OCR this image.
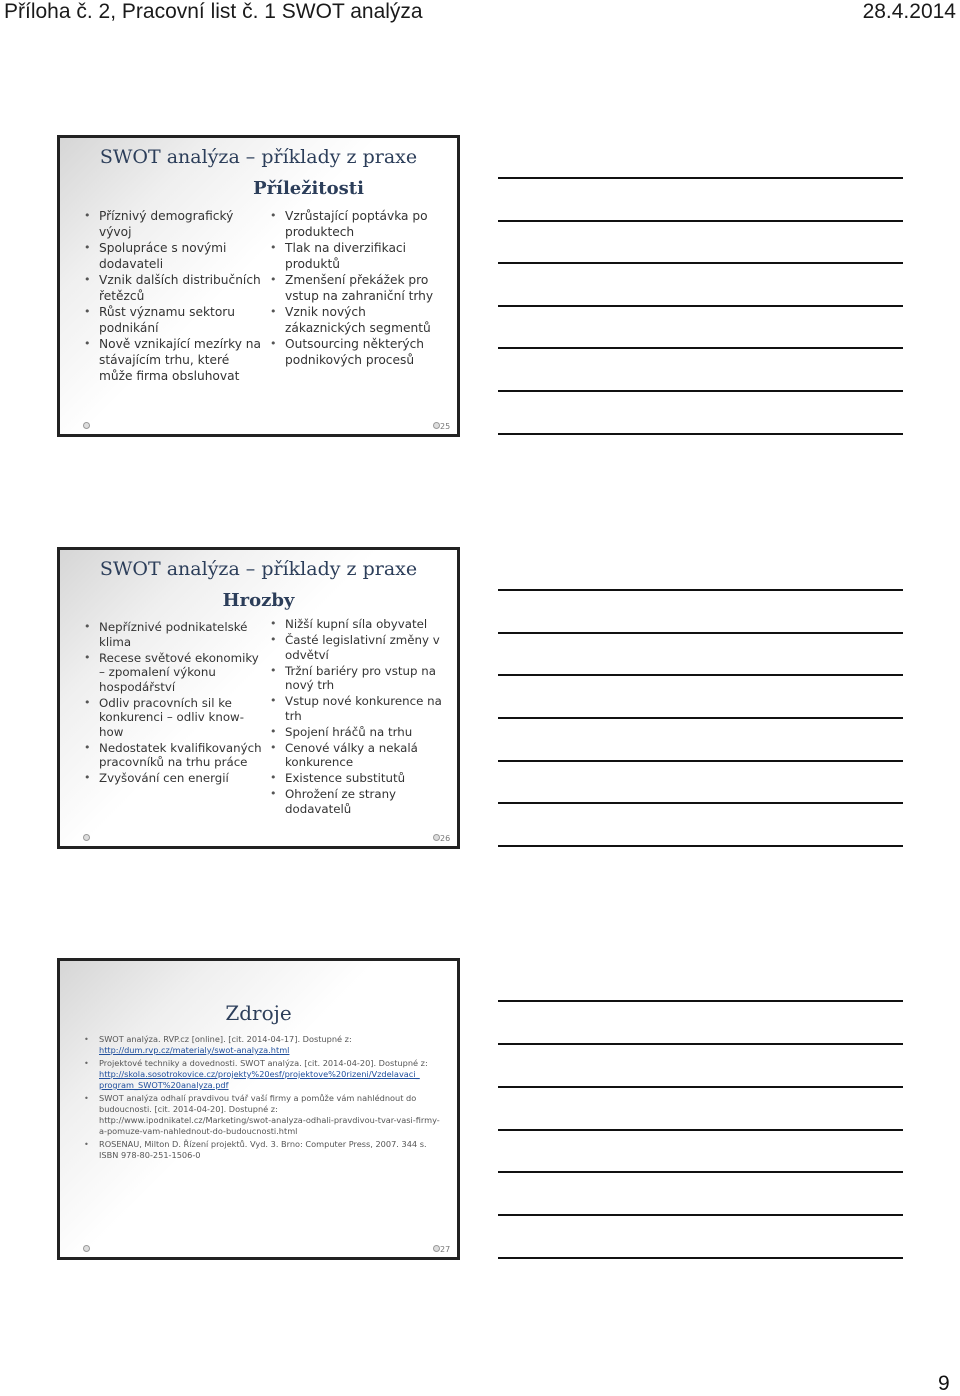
Příloha č. 2, Pracovní list č. 1 SWOT analýza	28.4.2014
SWOT analýza – příklady z praxe
Příležitosti
• Příznivý demografický vývoj
• Spolupráce s novými dodavateli
• Vznik dalších distribučních řetězců
• Růst významu sektoru podnikání
• Nově vznikající mezírky na stávajícím trhu, které může firma obsluhovat
• Vzrůstající poptávka po produktech
• Tlak na diverzifikaci produktů
• Zmenšení překážek pro vstup na zahraniční trhy
• Vznik nových zákaznických segmentů
• Outsourcing některých podnikových procesů
25
SWOT analýza – příklady z praxe
Hrozby
• Nepříznivé podnikatelské klima
• Recese světové ekonomiky – zpomalení výkonu hospodářství
• Odliv pracovních sil ke konkurenci – odliv know-how
• Nedostatek kvalifikovaných pracovníků na trhu práce
• Zvyšování cen energií
• Nižší kupní síla obyvatel
• Časté legislativní změny v odvětví
• Tržní bariéry pro vstup na nový trh
• Vstup nové konkurence na trh
• Spojení hráčů na trhu
• Cenové války a nekalá konkurence
• Existence substitutů
• Ohrožení ze strany dodavatelů
26
Zdroje
• SWOT analýza. RVP.cz [online]. [cit. 2014-04-17]. Dostupné z:
http://dum.rvp.cz/materialy/swot-analyza.html
• Projektové techniky a dovednosti. SWOT analýza. [cit. 2014-04-20]. Dostupné z:
http://skola.sosotrokovice.cz/projekty%20esf/projektove%20rizeni/Vzdelavaci_ program_SWOT%20analyza.pdf
• SWOT analýza odhalí pravdivou tvář vaší firmy a pomůže vám nahlédnout do budoucnosti. [cit. 2014-04-20]. Dostupné z:
http://www.ipodnikatel.cz/Marketing/swot-analyza-odhali-pravdivou-tvar-vasi-firmy-a-pomuze-vam-nahlednout-do-budoucnosti.html
• ROSENAU, Milton D. Řízení projektů. Vyd. 3. Brno: Computer Press, 2007. 344 s. ISBN 978-80-251-1506-0
27
9
